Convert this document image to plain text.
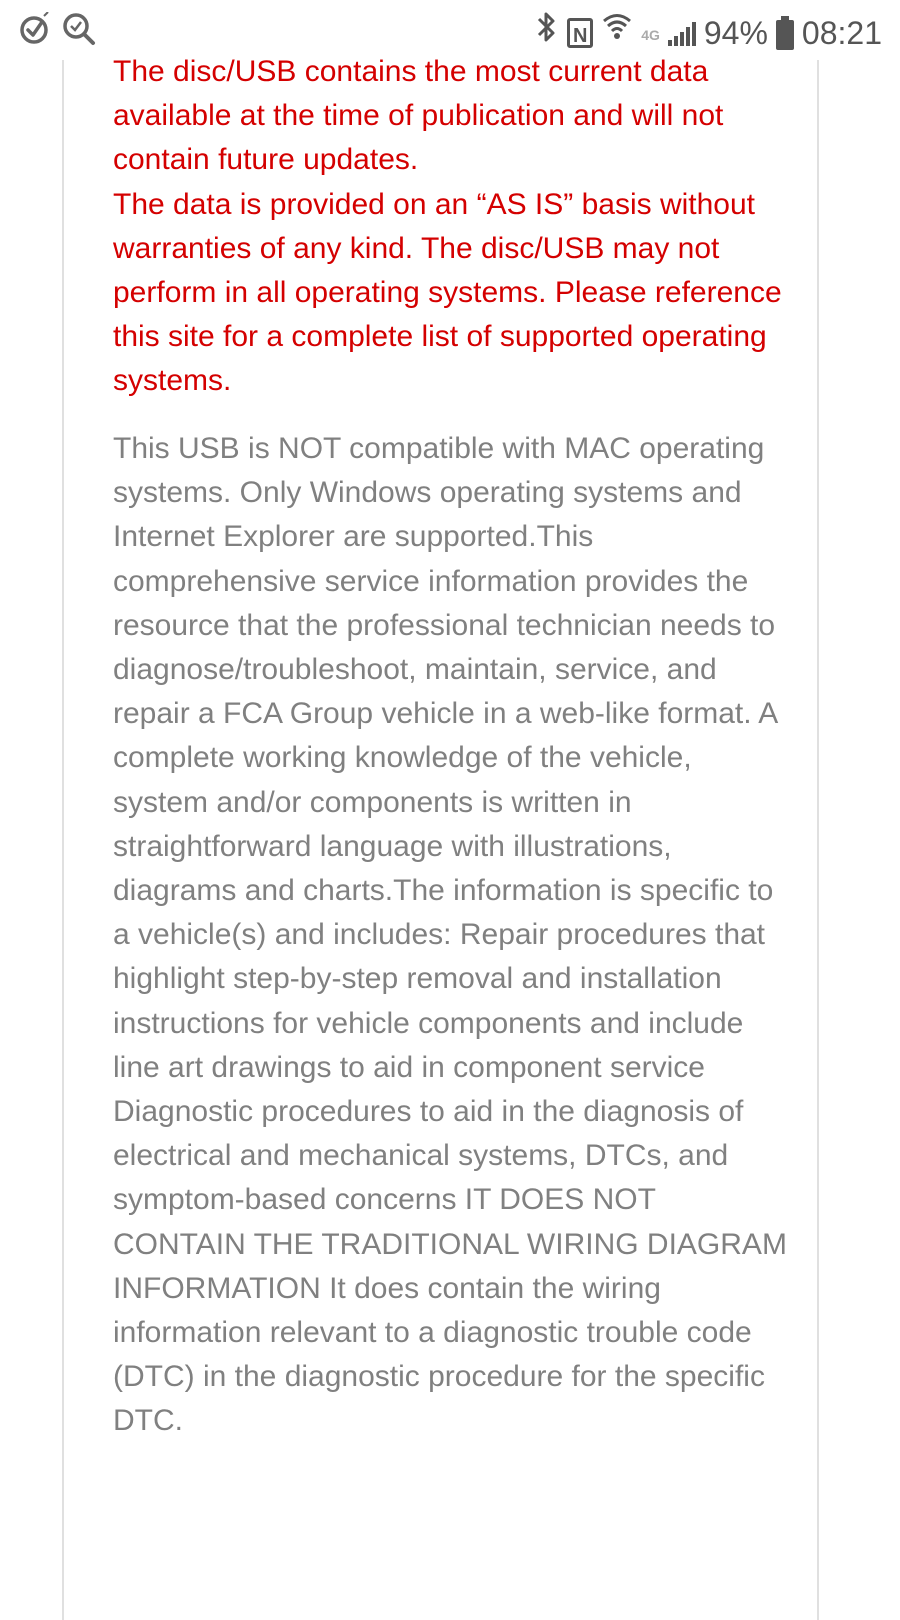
N	4G 94% 08:21

The disc/USB contains the most current data available at the time of publication and will not contain future updates.

The data is provided on an “AS IS” basis without warranties of any kind. The disc/USB may not perform in all operating systems. Please reference this site for a complete list of supported operating systems.

This USB is NOT compatible with MAC operating systems. Only Windows operating systems and Internet Explorer are supported.This comprehensive service information provides the resource that the professional technician needs to diagnose/troubleshoot, maintain, service, and repair a FCA Group vehicle in a web-like format. A complete working knowledge of the vehicle, system and/or components is written in straightforward language with illustrations, diagrams and charts.The information is specific to a vehicle(s) and includes: Repair procedures that highlight step-by-step removal and installation instructions for vehicle components and include line art drawings to aid in component service Diagnostic procedures to aid in the diagnosis of electrical and mechanical systems, DTCs, and symptom-based concerns IT DOES NOT CONTAIN THE TRADITIONAL WIRING DIAGRAM INFORMATION It does contain the wiring information relevant to a diagnostic trouble code (DTC) in the diagnostic procedure for the specific DTC.
